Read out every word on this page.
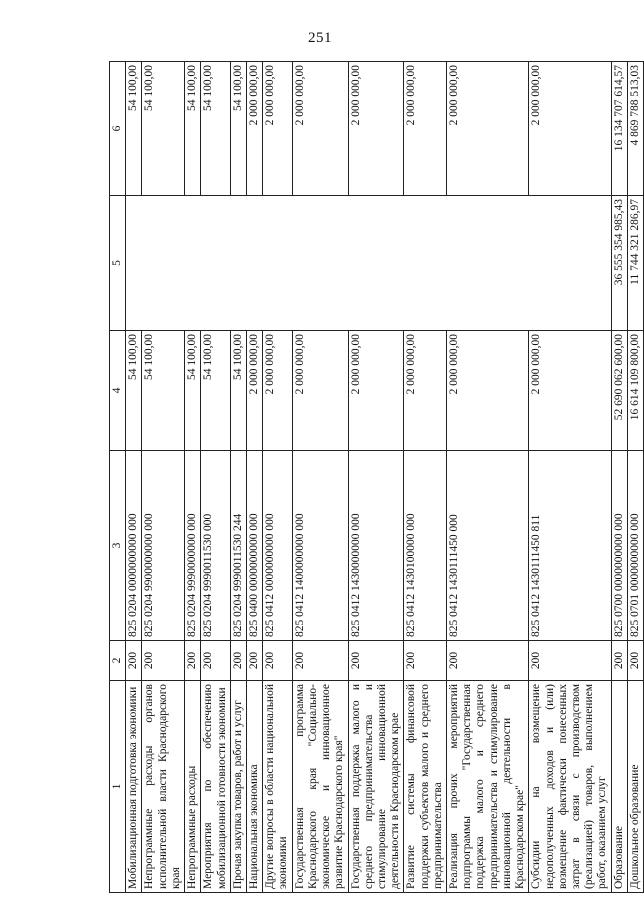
251
1	2	3	4	5	6
Мобилизационная подготовка экономики	200	825 0204 0000000000 000	54 100,00		54 100,00
Непрограммные расходы органов исполнительной власти Краснодарского края	200	825 0204 9900000000 000	54 100,00		54 100,00
Непрограммные расходы	200	825 0204 9990000000 000	54 100,00		54 100,00
Мероприятия по обеспечению мобилизационной готовности экономики	200	825 0204 9990011530 000	54 100,00		54 100,00
Прочая закупка товаров, работ и услуг	200	825 0204 9990011530 244	54 100,00		54 100,00
Национальная экономика	200	825 0400 0000000000 000	2 000 000,00		2 000 000,00
Другие вопросы в области национальной экономики	200	825 0412 0000000000 000	2 000 000,00		2 000 000,00
Государственная программа Краснодарского края "Социально-экономическое и инновационное развитие Краснодарского края"	200	825 0412 1400000000 000	2 000 000,00		2 000 000,00
Государственная поддержка малого и среднего предпринимательства и стимулирование инновационной деятельности в Краснодарском крае	200	825 0412 1430000000 000	2 000 000,00		2 000 000,00
Развитие системы финансовой поддержки субъектов малого и среднего предпринимательства	200	825 0412 1430100000 000	2 000 000,00		2 000 000,00
Реализация прочих мероприятий подпрограммы "Государственная поддержка малого и среднего предпринимательства и стимулирование инновационной деятельности в Краснодарском крае"	200	825 0412 1430111450 000	2 000 000,00		2 000 000,00
Субсидии на возмещение недополученных доходов и (или) возмещение фактически понесенных затрат в связи с производством (реализацией) товаров, выполнением работ, оказанием услуг	200	825 0412 1430111450 811	2 000 000,00		2 000 000,00
Образование	200	825 0700 0000000000 000	52 690 062 600,00	36 555 354 985,43	16 134 707 614,57
Дошкольное образование	200	825 0701 0000000000 000	16 614 109 800,00	11 744 321 286,97	4 869 788 513,03
